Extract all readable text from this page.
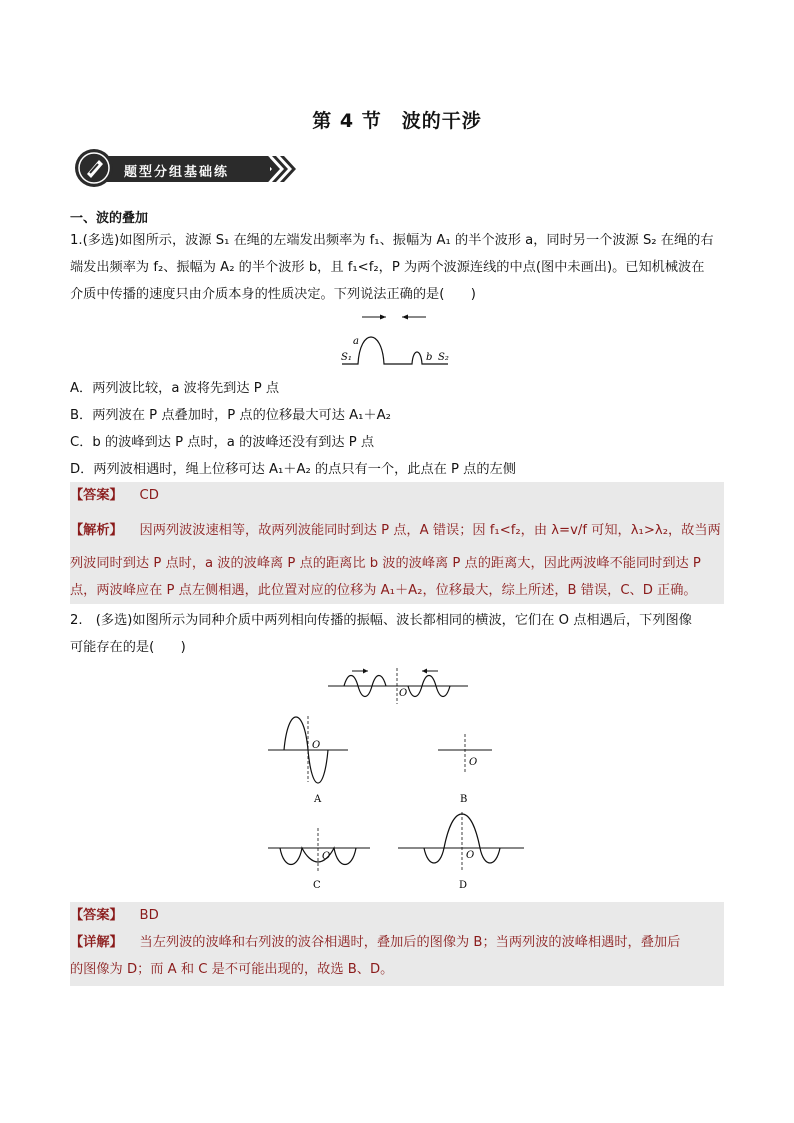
第 4 节　波的干涉
题型分组基础练
一、波的叠加
1.(多选)如图所示，波源 S₁ 在绳的左端发出频率为 f₁、振幅为 A₁ 的半个波形 a，同时另一个波源 S₂ 在绳的右
端发出频率为 f₂、振幅为 A₂ 的半个波形 b，且 f₁<f₂，P 为两个波源连线的中点(图中未画出)。已知机械波在
介质中传播的速度只由介质本身的性质决定。下列说法正确的是(　　)
a
S₁	b S₂
A．两列波比较，a 波将先到达 P 点
B．两列波在 P 点叠加时，P 点的位移最大可达 A₁＋A₂
C．b 的波峰到达 P 点时，a 的波峰还没有到达 P 点
D．两列波相遇时，绳上位移可达 A₁＋A₂ 的点只有一个，此点在 P 点的左侧
【答案】 CD
【解析】 因两列波波速相等，故两列波能同时到达 P 点，A 错误；因 f₁<f₂，由 λ=v/f 可知，λ₁>λ₂，故当两
列波同时到达 P 点时，a 波的波峰离 P 点的距离比 b 波的波峰离 P 点的距离大，因此两波峰不能同时到达 P
点，两波峰应在 P 点左侧相遇，此位置对应的位移为 A₁＋A₂，位移最大，综上所述，B 错误，C、D 正确。
2.　(多选)如图所示为同种介质中两列相向传播的振幅、波长都相同的横波，它们在 O 点相遇后，下列图像
可能存在的是(　　)
O
O
A
O
B
O
C
O
D
【答案】 BD
【详解】 当左列波的波峰和右列波的波谷相遇时，叠加后的图像为 B；当两列波的波峰相遇时，叠加后
的图像为 D；而 A 和 C 是不可能出现的，故选 B、D。
